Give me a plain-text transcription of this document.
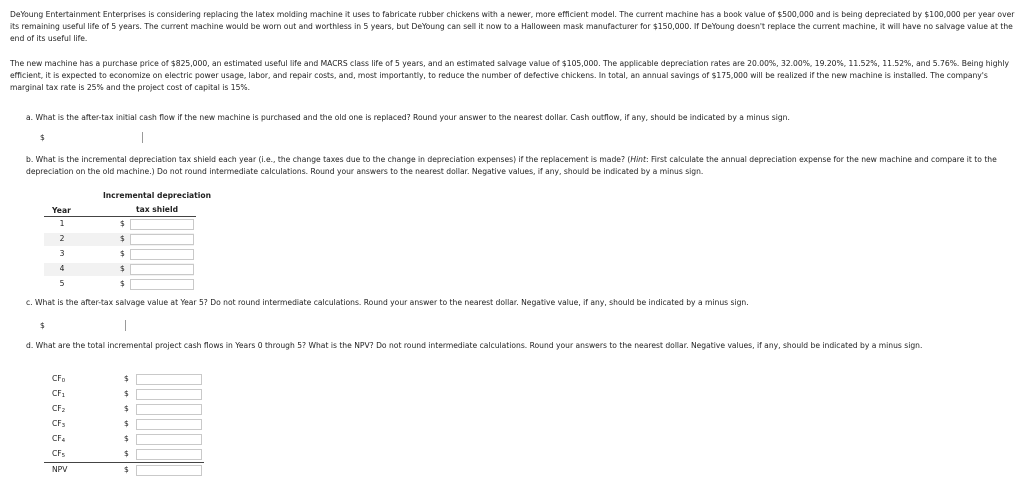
DeYoung Entertainment Enterprises is considering replacing the latex molding machine it uses to fabricate rubber chickens with a newer, more efficient model. The current machine has a book value of $500,000 and is being depreciated by $100,000 per year over its remaining useful life of 5 years. The current machine would be worn out and worthless in 5 years, but DeYoung can sell it now to a Halloween mask manufacturer for $150,000. If DeYoung doesn't replace the current machine, it will have no salvage value at the end of its useful life.

The new machine has a purchase price of $825,000, an estimated useful life and MACRS class life of 5 years, and an estimated salvage value of $105,000. The applicable depreciation rates are 20.00%, 32.00%, 19.20%, 11.52%, 11.52%, and 5.76%. Being highly efficient, it is expected to economize on electric power usage, labor, and repair costs, and, most importantly, to reduce the number of defective chickens. In total, an annual savings of $175,000 will be realized if the new machine is installed. The company's marginal tax rate is 25% and the project cost of capital is 15%.

a. What is the after-tax initial cash flow if the new machine is purchased and the old one is replaced? Round your answer to the nearest dollar. Cash outflow, if any, should be indicated by a minus sign.

$

b. What is the incremental depreciation tax shield each year (i.e., the change taxes due to the change in depreciation expenses) if the replacement is made? (Hint: First calculate the annual depreciation expense for the new machine and compare it to the depreciation on the old machine.) Do not round intermediate calculations. Round your answers to the nearest dollar. Negative values, if any, should be indicated by a minus sign.

Incremental depreciation
tax shield
Year
1	$
2	$
3	$
4	$
5	$

c. What is the after-tax salvage value at Year 5? Do not round intermediate calculations. Round your answer to the nearest dollar. Negative value, if any, should be indicated by a minus sign.

$

d. What are the total incremental project cash flows in Years 0 through 5? What is the NPV? Do not round intermediate calculations. Round your answers to the nearest dollar. Negative values, if any, should be indicated by a minus sign.

$CF_0$	$
$CF_1$	$
$CF_2$	$
$CF_3$	$
$CF_4$	$
$CF_5$	$
NPV	$
